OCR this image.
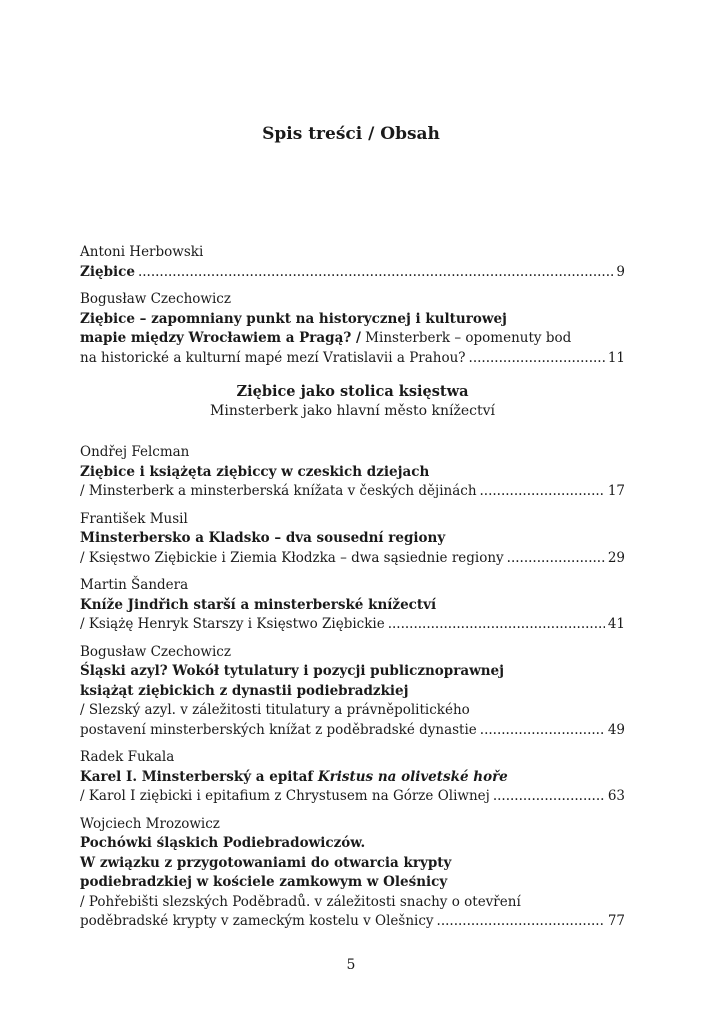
Spis treści / Obsah
Antoni Herbowski
Ziębice .....	9
Bogusław Czechowicz
Ziębice – zapomniany punkt na historycznej i kulturowej
mapie między Wrocławiem a Pragą? / Minsterberk – opomenuty bod
na historické a kulturní mapé mezí Vratislavii a Prahou? .....	11
Ziębice jako stolica księstwa
Minsterberk jako hlavní město knížectví
Ondřej Felcman
Ziębice i książęta ziębiccy w czeskich dziejach
/ Minsterberk a minsterberská knížata v českých dějinách .....	17
František Musil
Minsterbersko a Kladsko – dva sousední regiony
/ Księstwo Ziębickie i Ziemia Kłodzka – dwa sąsiednie regiony .....	29
Martin Šandera
Kníže Jindřich starší a minsterberské knížectví
/ Książę Henryk Starszy i Księstwo Ziębickie .....	41
Bogusław Czechowicz
Śląski azyl? Wokół tytulatury i pozycji publicznoprawnej
książąt ziębickich z dynastii podiebradzkiej
/ Slezský azyl. v záležitosti titulatury a právněpolitického
postavení minsterberských knížat z poděbradské dynastie .....	49
Radek Fukala
Karel I. Minsterberský a epitaf Kristus na olivetské hoře
/ Karol I ziębicki i epitafium z Chrystusem na Górze Oliwnej .....	63
Wojciech Mrozowicz
Pochówki śląskich Podiebradowiczów.
W związku z przygotowaniami do otwarcia krypty
podiebradzkiej w kościele zamkowym w Oleśnicy
/ Pohřebišti slezských Poděbradů. v záležitosti snachy o otevření
poděbradské krypty v zameckým kostelu v Olešnicy .....	77
5
